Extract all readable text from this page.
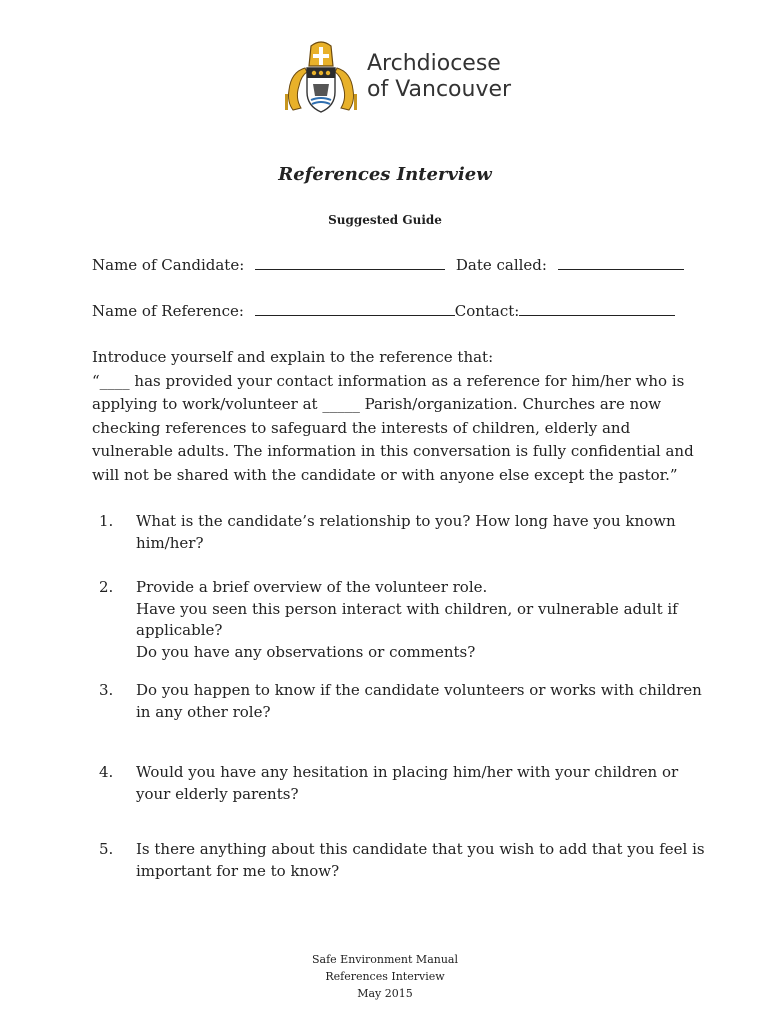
Archdiocese
of Vancouver
References Interview
Suggested Guide
Name of Candidate:	Date called:
Name of Reference:	Contact:
Introduce yourself and explain to the reference that:
“____ has provided your contact information as a reference for him/her who is applying to work/volunteer at _____ Parish/organization. Churches are now checking references to safeguard the interests of children, elderly and vulnerable adults. The information in this conversation is fully confidential and will not be shared with the candidate or with anyone else except the pastor.”
1.	What is the candidate’s relationship to you? How long have you known him/her?
2.	Provide a brief overview of the volunteer role.
Have you seen this person interact with children, or vulnerable adult if applicable?
Do you have any observations or comments?
3.	Do you happen to know if the candidate volunteers or works with children in any other role?
4.	Would you have any hesitation in placing him/her with your children or your elderly parents?
5.	Is there anything about this candidate that you wish to add that you feel is important for me to know?
Safe Environment Manual
References Interview
May 2015
